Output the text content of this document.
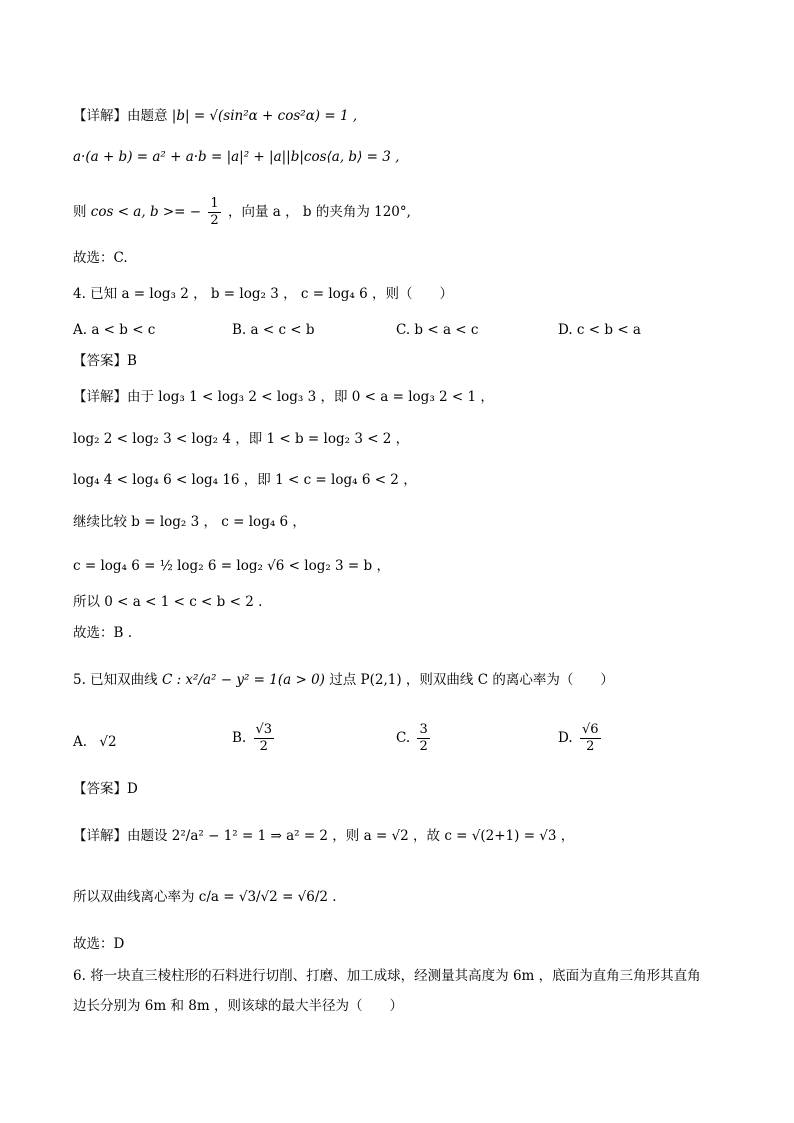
【详解】由题意 |b| = √(sin²α + cos²α) = 1 ,
a·(a + b) = a² + a·b = |a|² + |a||b|cos⟨a, b⟩ = 3 ,
则 cos < a, b >= − $\frac{1}{2}$ ，向量 a ， b 的夹角为 120°,
故选：C.
4. 已知 a = log₃ 2 ， b = log₂ 3 ， c = log₄ 6 ，则（　　）
A. a < b < c	B. a < c < b	C. b < a < c	D. c < b < a
【答案】B
【详解】由于 log₃ 1 < log₃ 2 < log₃ 3 ，即 0 < a = log₃ 2 < 1 ，
log₂ 2 < log₂ 3 < log₂ 4 ，即 1 < b = log₂ 3 < 2 ，
log₄ 4 < log₄ 6 < log₄ 16 ，即 1 < c = log₄ 6 < 2 ，
继续比较 b = log₂ 3 ， c = log₄ 6 ，
c = log₄ 6 = ½ log₂ 6 = log₂ √6 < log₂ 3 = b ，
所以 0 < a < 1 < c < b < 2 .
故选：B .
5. 已知双曲线 C : x²/a² − y² = 1(a > 0) 过点 P(2,1) ，则双曲线 C 的离心率为（　　）
A. √2	B. $\frac{√3}{2}$	C. $\frac{3}{2}$	D. $\frac{√6}{2}$
【答案】D
【详解】由题设 2²/a² − 1² = 1 ⇒ a² = 2 ，则 a = √2 ，故 c = √(2+1) = √3 ，
所以双曲线离心率为 c/a = √3/√2 = √6/2 .
故选：D
6. 将一块直三棱柱形的石料进行切削、打磨、加工成球，经测量其高度为 6m ，底面为直角三角形其直角
边长分别为 6m 和 8m ，则该球的最大半径为（　　）
